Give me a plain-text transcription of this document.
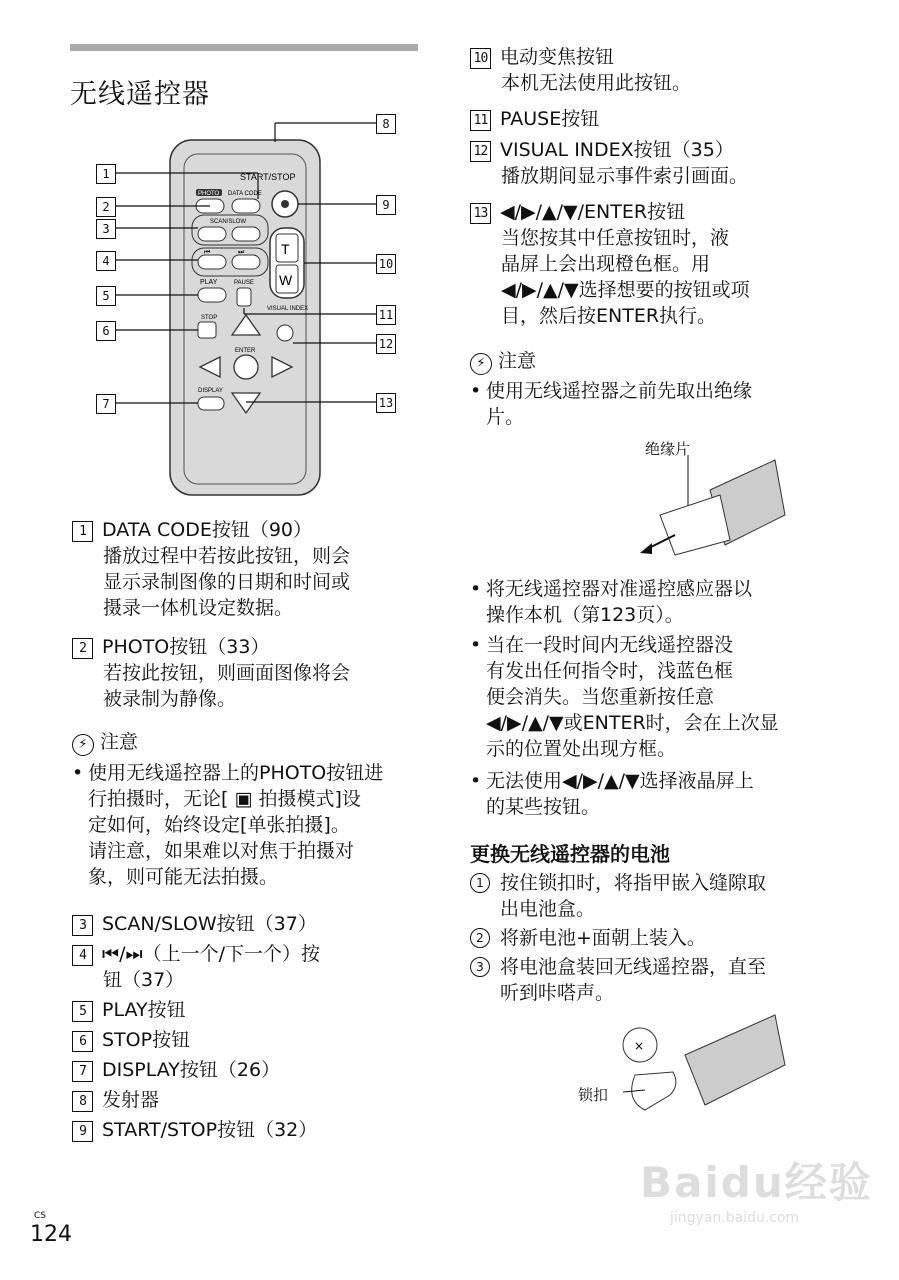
无线遥控器
START/STOP
PHOTO DATA CODE
SCAN/SLOW
T
W
⏮	⏭
PLAY	PAUSE
VISUAL INDEX
STOP
ENTER
DISPLAY
1
2
3
4
5
6
7
8
9
10
11
12
13
1 DATA CODE按钮（90）
播放过程中若按此按钮，则会
显示录制图像的日期和时间或
摄录一体机设定数据。
2 PHOTO按钮（33）
若按此按钮，则画面图像将会
被录制为静像。
⚡ 注意
• 使用无线遥控器上的PHOTO按钮进
行拍摄时，无论[ ▣ 拍摄模式]设
定如何，始终设定[单张拍摄]。
请注意，如果难以对焦于拍摄对
象，则可能无法拍摄。
3 SCAN/SLOW按钮（37）
4 ⏮/⏭（上一个/下一个）按
钮（37）
5 PLAY按钮
6 STOP按钮
7 DISPLAY按钮（26）
8 发射器
9 START/STOP按钮（32）
10 电动变焦按钮
本机无法使用此按钮。
11 PAUSE按钮
12 VISUAL INDEX按钮（35）
播放期间显示事件索引画面。
13 ◀/▶/▲/▼/ENTER按钮
当您按其中任意按钮时，液
晶屏上会出现橙色框。用
◀/▶/▲/▼选择想要的按钮或项
目，然后按ENTER执行。
⚡ 注意
• 使用无线遥控器之前先取出绝缘
片。
绝缘片
• 将无线遥控器对准遥控感应器以
操作本机（第123页）。
• 当在一段时间内无线遥控器没
有发出任何指令时，浅蓝色框
便会消失。当您重新按任意
◀/▶/▲/▼或ENTER时，会在上次显
示的位置处出现方框。
• 无法使用◀/▶/▲/▼选择液晶屏上
的某些按钮。
更换无线遥控器的电池
1 按住锁扣时，将指甲嵌入缝隙取
出电池盒。
2 将新电池+面朝上装入。
3 将电池盒装回无线遥控器，直至
听到咔嗒声。
×
锁扣
CS
124
Baidu经验
jingyan.baidu.com
